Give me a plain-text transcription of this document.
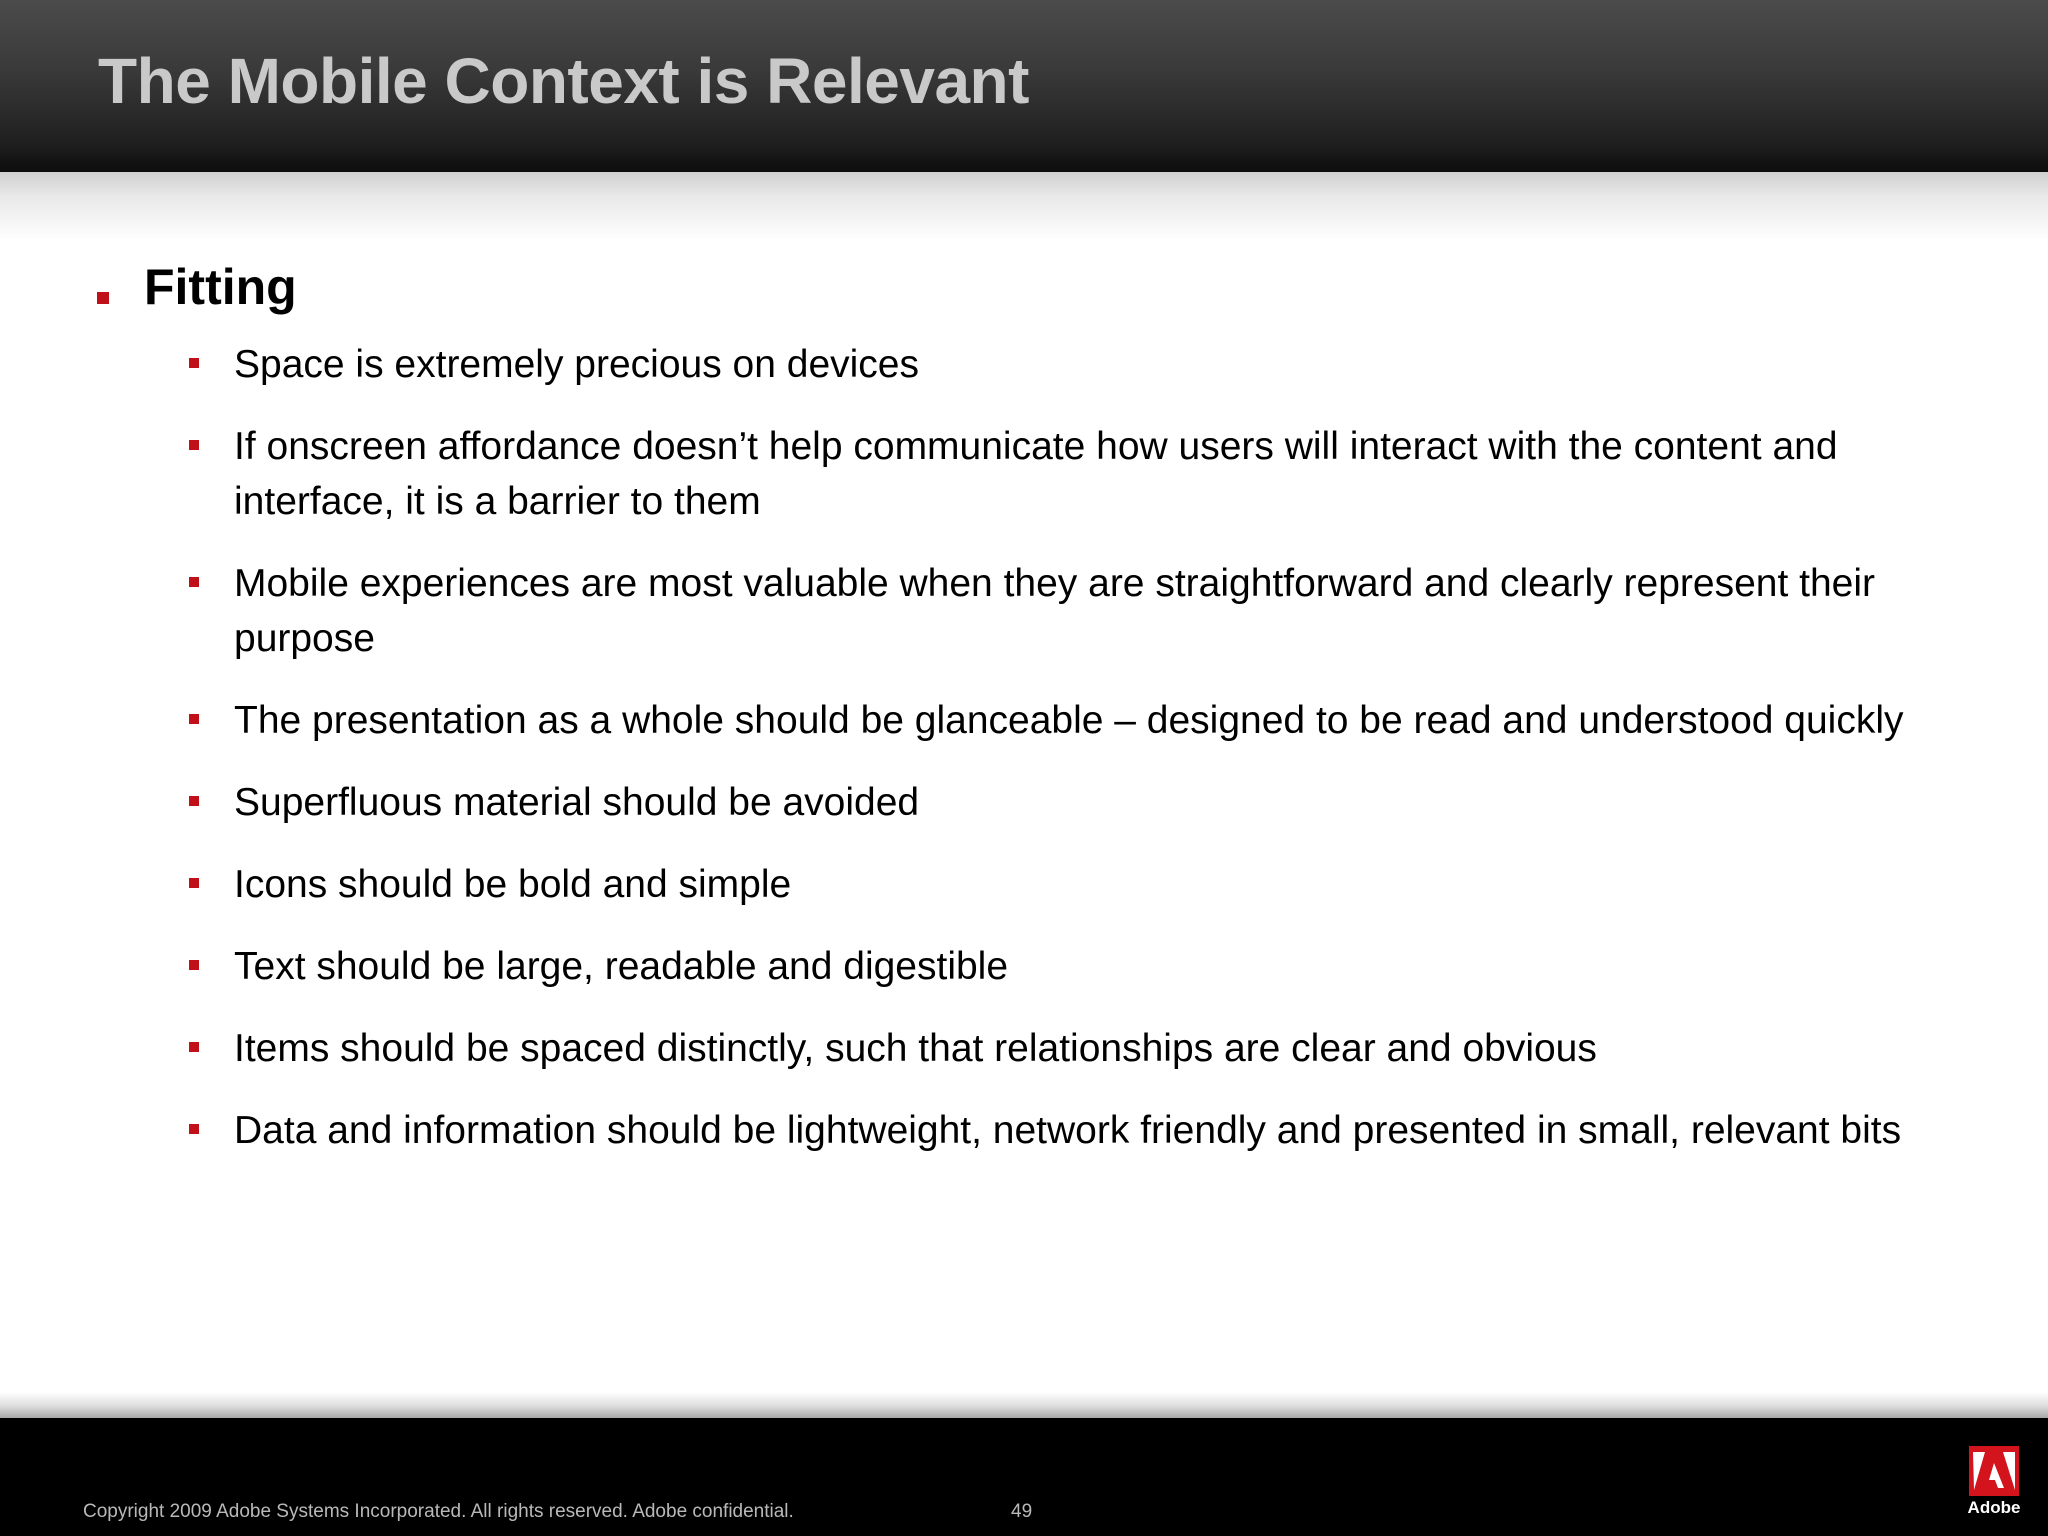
The Mobile Context is Relevant
Fitting
Space is extremely precious on devices
If onscreen affordance doesn’t help communicate how users will interact with the content and interface, it is a barrier to them
Mobile experiences are most valuable when they are straightforward and clearly represent their purpose
The presentation as a whole should be glanceable – designed to be read and understood quickly
Superfluous material should be avoided
Icons should be bold and simple
Text should be large, readable and digestible
Items should be spaced distinctly, such that relationships are clear and obvious
Data and information should be lightweight, network friendly and presented in small, relevant bits
Copyright 2009 Adobe Systems Incorporated. All rights reserved. Adobe confidential.	49	Adobe
